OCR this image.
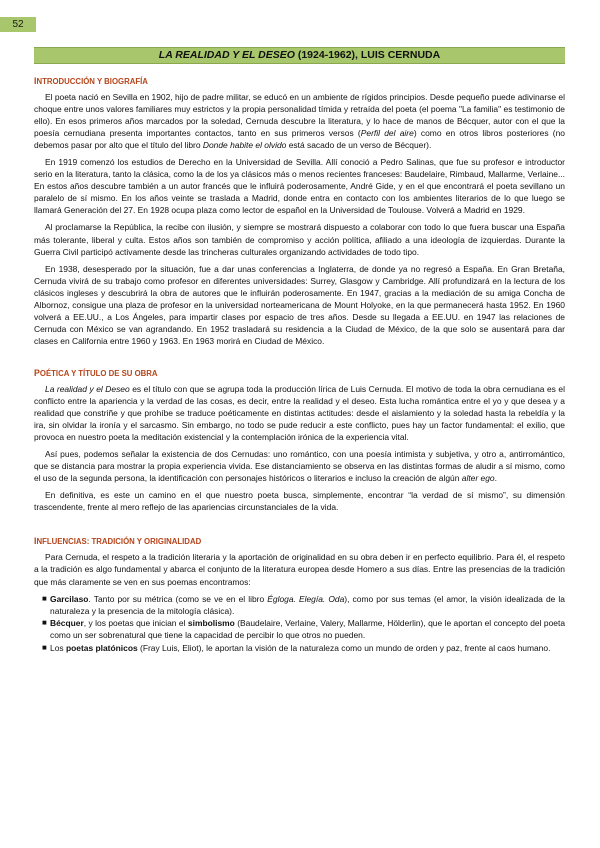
52
LA REALIDAD Y EL DESEO (1924-1962), LUIS CERNUDA
INTRODUCCIÓN Y BIOGRAFÍA

El poeta nació en Sevilla en 1902, hijo de padre militar, se educó en un ambiente de rígidos principios. Desde pequeño puede adivinarse el choque entre unos valores familiares muy estrictos y la propia personalidad tímida y retraída del poeta (el poema "La familia" es testimonio de ello). En esos primeros años marcados por la soledad, Cernuda descubre la literatura, y lo hace de manos de Bécquer, autor con el que la poesía cernudiana presenta importantes contactos, tanto en sus primeros versos (Perfil del aire) como en otros libros posteriores (no debemos pasar por alto que el título del libro Donde habite el olvido está sacado de un verso de Bécquer).

En 1919 comenzó los estudios de Derecho en la Universidad de Sevilla. Allí conoció a Pedro Salinas, que fue su profesor e introductor serio en la literatura, tanto la clásica, como la de los ya clásicos más o menos recientes franceses: Baudelaire, Rimbaud, Mallarme, Verlaine... En estos años descubre también a un autor francés que le influirá poderosamente, André Gide, y en el que encontrará el poeta sevillano un paralelo de sí mismo. En los años veinte se traslada a Madrid, donde entra en contacto con los ambientes literarios de lo que luego se llamará Generación del 27. En 1928 ocupa plaza como lector de español en la Universidad de Toulouse. Volverá a Madrid en 1929.

Al proclamarse la República, la recibe con ilusión, y siempre se mostrará dispuesto a colaborar con todo lo que fuera buscar una España más tolerante, liberal y culta. Estos años son también de compromiso y acción política, afiliado a una ideología de izquierdas. Durante la Guerra Civil participó activamente desde las trincheras culturales organizando actividades de todo tipo.

En 1938, desesperado por la situación, fue a dar unas conferencias a Inglaterra, de donde ya no regresó a España. En Gran Bretaña, Cernuda vivirá de su trabajo como profesor en diferentes universidades: Surrey, Glasgow y Cambridge. Allí profundizará en la lectura de los clásicos ingleses y descubrirá la obra de autores que le influirán poderosamente. En 1947, gracias a la mediación de su amiga Concha de Albornoz, consigue una plaza de profesor en la universidad norteamericana de Mount Holyoke, en la que permanecerá hasta 1952. En 1960 volverá a EE.UU., a Los Ángeles, para impartir clases por espacio de tres años. Desde su llegada a EE.UU. en 1947 las relaciones de Cernuda con México se van agrandando. En 1952 trasladará su residencia a la Ciudad de México, de la que solo se ausentará para dar clases en California entre 1960 y 1963. En 1963 morirá en Ciudad de México.

POÉTICA Y TÍTULO DE SU OBRA

La realidad y el Deseo es el título con que se agrupa toda la producción lírica de Luis Cernuda. El motivo de toda la obra cernudiana es el conflicto entre la apariencia y la verdad de las cosas, es decir, entre la realidad y el deseo. Esta lucha romántica entre el yo y que desea y a realidad que constriñe y que prohíbe se traduce poéticamente en distintas actitudes: desde el aislamiento y la soledad hasta la rebeldía y la ira, sin olvidar la ironía y el sarcasmo. Sin embargo, no todo se pude reducir a este conflicto, pues hay un factor fundamental: el exilio, que provoca en nuestro poeta la meditación existencial y la contemplación irónica de la experiencia vital.

Así pues, podemos señalar la existencia de dos Cernudas: uno romántico, con una poesía intimista y subjetiva, y otro a, antirromántico, que se distancia para mostrar la propia experiencia vivida. Ese distanciamiento se observa en las distintas formas de aludir a sí mismo, como el uso de la segunda persona, la identificación con personajes históricos o literarios e incluso la creación de algún alter ego.

En definitiva, es este un camino en el que nuestro poeta busca, simplemente, encontrar “la verdad de sí mismo”, su dimensión trascendente, frente al mero reflejo de las apariencias circunstanciales de la vida.

INFLUENCIAS: TRADICIÓN Y ORIGINALIDAD

Para Cernuda, el respeto a la tradición literaria y la aportación de originalidad en su obra deben ir en perfecto equilibrio. Para él, el respeto a la tradición es algo fundamental y abarca el conjunto de la literatura europea desde Homero a sus días. Entre las presencias de la tradición que más claramente se ven en sus poemas encontramos:

■ Garcilaso. Tanto por su métrica (como se ve en el libro Égloga. Elegía. Oda), como por sus temas (el amor, la visión idealizada de la naturaleza y la presencia de la mitología clásica).
■ Bécquer, y los poetas que inician el simbolismo (Baudelaire, Verlaine, Valery, Mallarme, Hölderlin), que le aportan el concepto del poeta como un ser sobrenatural que tiene la capacidad de percibir lo que otros no pueden.
■ Los poetas platónicos (Fray Luis, Eliot), le aportan la visión de la naturaleza como un mundo de orden y paz, frente al caos humano.
